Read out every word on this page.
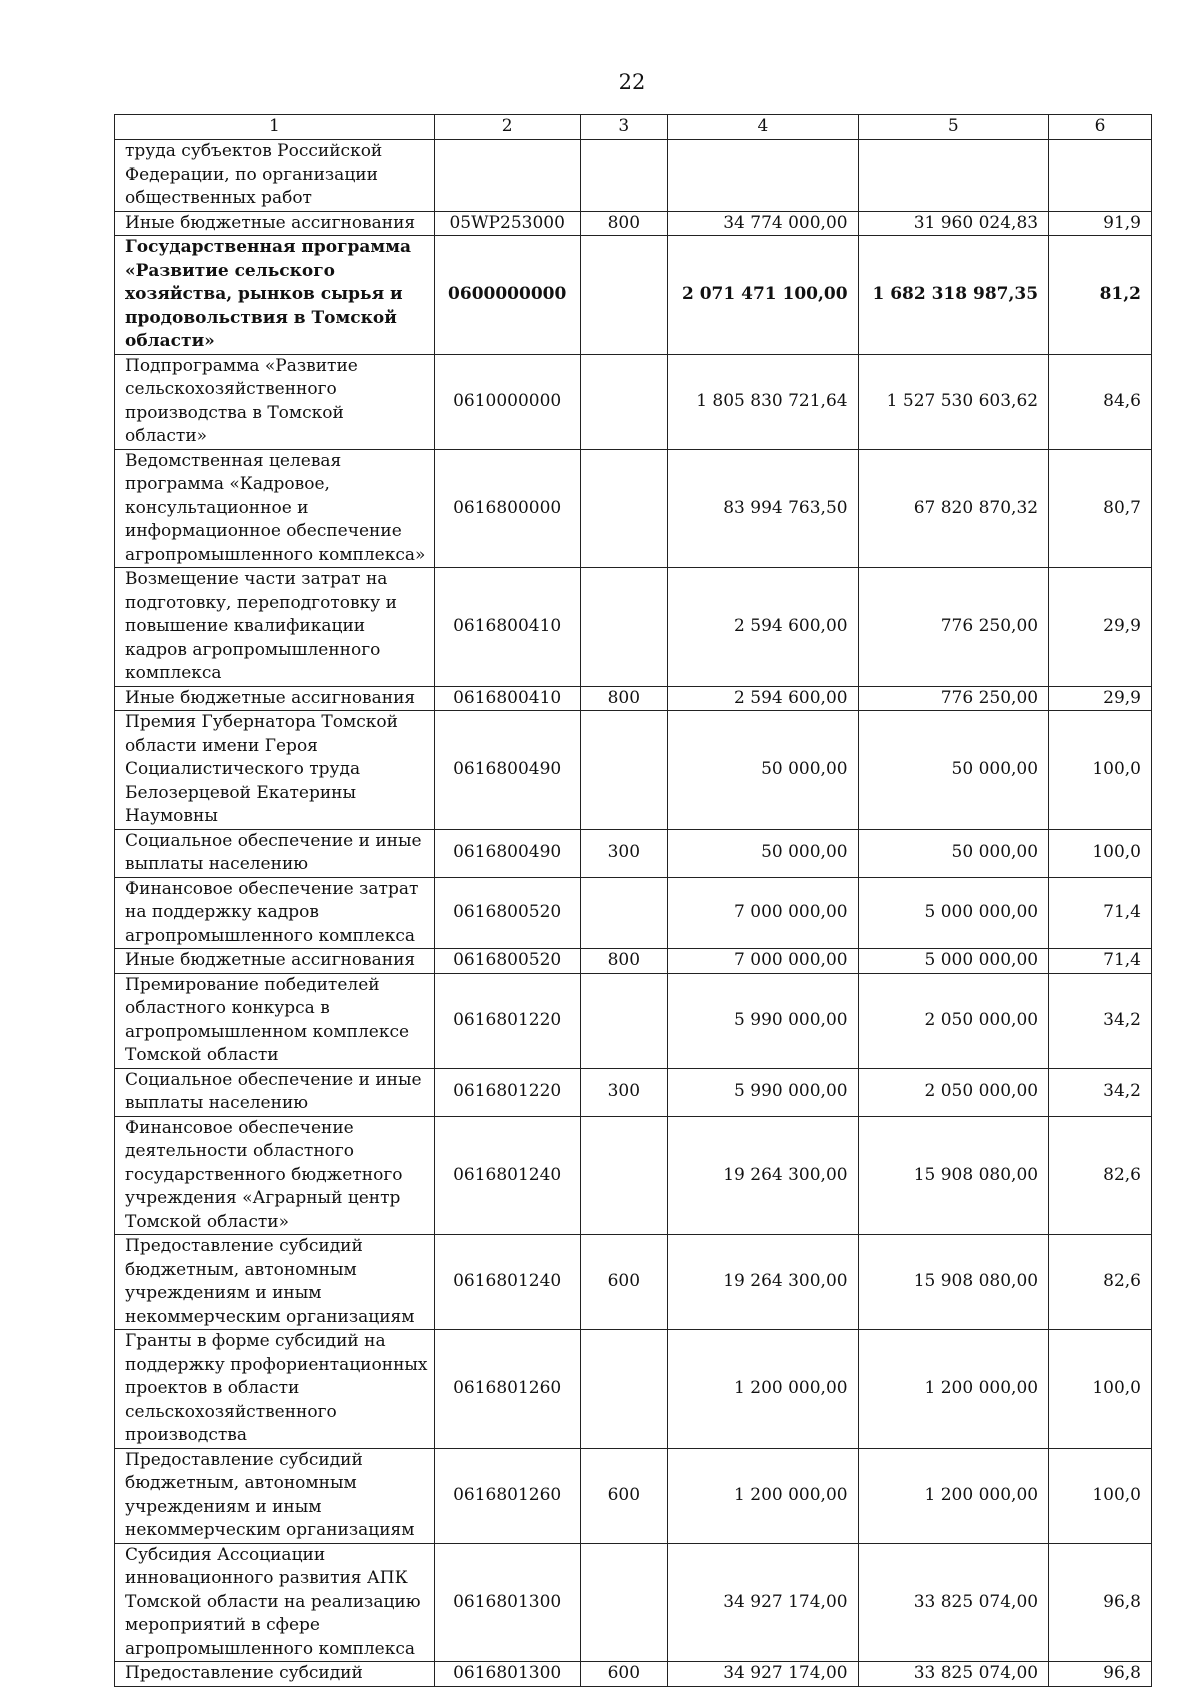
22
1	2	3	4	5	6
труда субъектов Российской Федерации, по организации общественных работ					
Иные бюджетные ассигнования	05WP253000	800	34 774 000,00	31 960 024,83	91,9
Государственная программа «Развитие сельского хозяйства, рынков сырья и продовольствия в Томской области»	0600000000		2 071 471 100,00	1 682 318 987,35	81,2
Подпрограмма «Развитие сельскохозяйственного производства в Томской области»	0610000000		1 805 830 721,64	1 527 530 603,62	84,6
Ведомственная целевая программа «Кадровое, консультационное и информационное обеспечение агропромышленного комплекса»	0616800000		83 994 763,50	67 820 870,32	80,7
Возмещение части затрат на подготовку, переподготовку и повышение квалификации кадров агропромышленного комплекса	0616800410		2 594 600,00	776 250,00	29,9
Иные бюджетные ассигнования	0616800410	800	2 594 600,00	776 250,00	29,9
Премия Губернатора Томской области имени Героя Социалистического труда Белозерцевой Екатерины Наумовны	0616800490		50 000,00	50 000,00	100,0
Социальное обеспечение и иные выплаты населению	0616800490	300	50 000,00	50 000,00	100,0
Финансовое обеспечение затрат на поддержку кадров агропромышленного комплекса	0616800520		7 000 000,00	5 000 000,00	71,4
Иные бюджетные ассигнования	0616800520	800	7 000 000,00	5 000 000,00	71,4
Премирование победителей областного конкурса в агропромышленном комплексе Томской области	0616801220		5 990 000,00	2 050 000,00	34,2
Социальное обеспечение и иные выплаты населению	0616801220	300	5 990 000,00	2 050 000,00	34,2
Финансовое обеспечение деятельности областного государственного бюджетного учреждения «Аграрный центр Томской области»	0616801240		19 264 300,00	15 908 080,00	82,6
Предоставление субсидий бюджетным, автономным учреждениям и иным некоммерческим организациям	0616801240	600	19 264 300,00	15 908 080,00	82,6
Гранты в форме субсидий на поддержку профориентационных проектов в области сельскохозяйственного производства	0616801260		1 200 000,00	1 200 000,00	100,0
Предоставление субсидий бюджетным, автономным учреждениям и иным некоммерческим организациям	0616801260	600	1 200 000,00	1 200 000,00	100,0
Субсидия Ассоциации инновационного развития АПК Томской области на реализацию мероприятий в сфере агропромышленного комплекса	0616801300		34 927 174,00	33 825 074,00	96,8
Предоставление субсидий	0616801300	600	34 927 174,00	33 825 074,00	96,8
